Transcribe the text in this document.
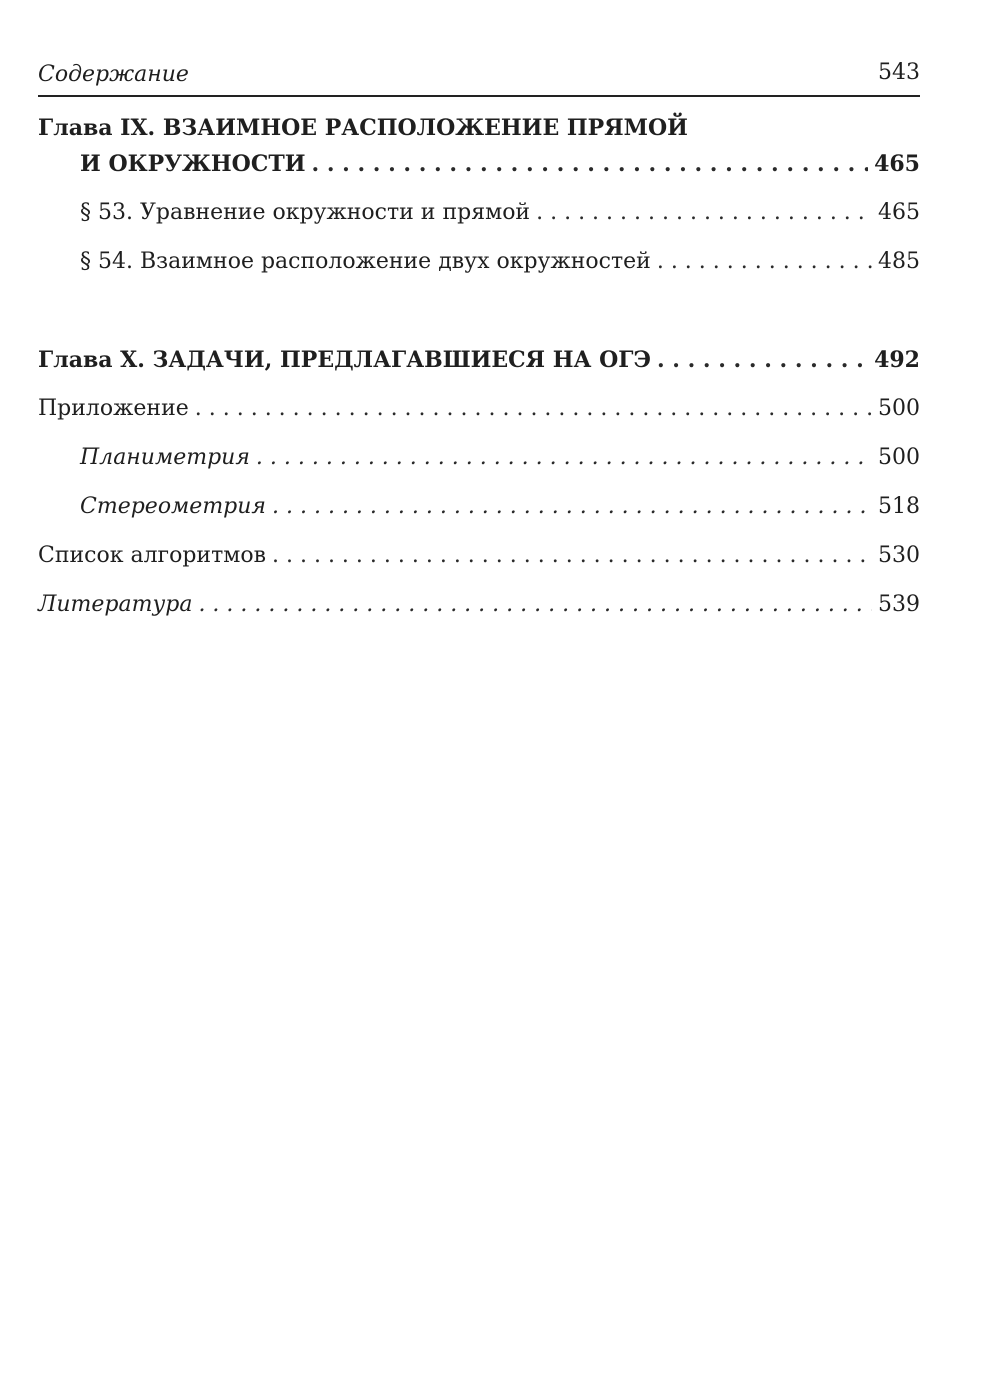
Содержание	543
Глава IX. ВЗАИМНОЕ РАСПОЛОЖЕНИЕ ПРЯМОЙ
И ОКРУЖНОСТИ . . .	465
§ 53. Уравнение окружности и прямой . . .	465
§ 54. Взаимное расположение двух окружностей . . .	485
Глава X. ЗАДАЧИ, ПРЕДЛАГАВШИЕСЯ НА ОГЭ . . .	492
Приложение . . .	500
Планиметрия . . .	500
Стереометрия . . .	518
Список алгоритмов . . .	530
Литература . . .	539
